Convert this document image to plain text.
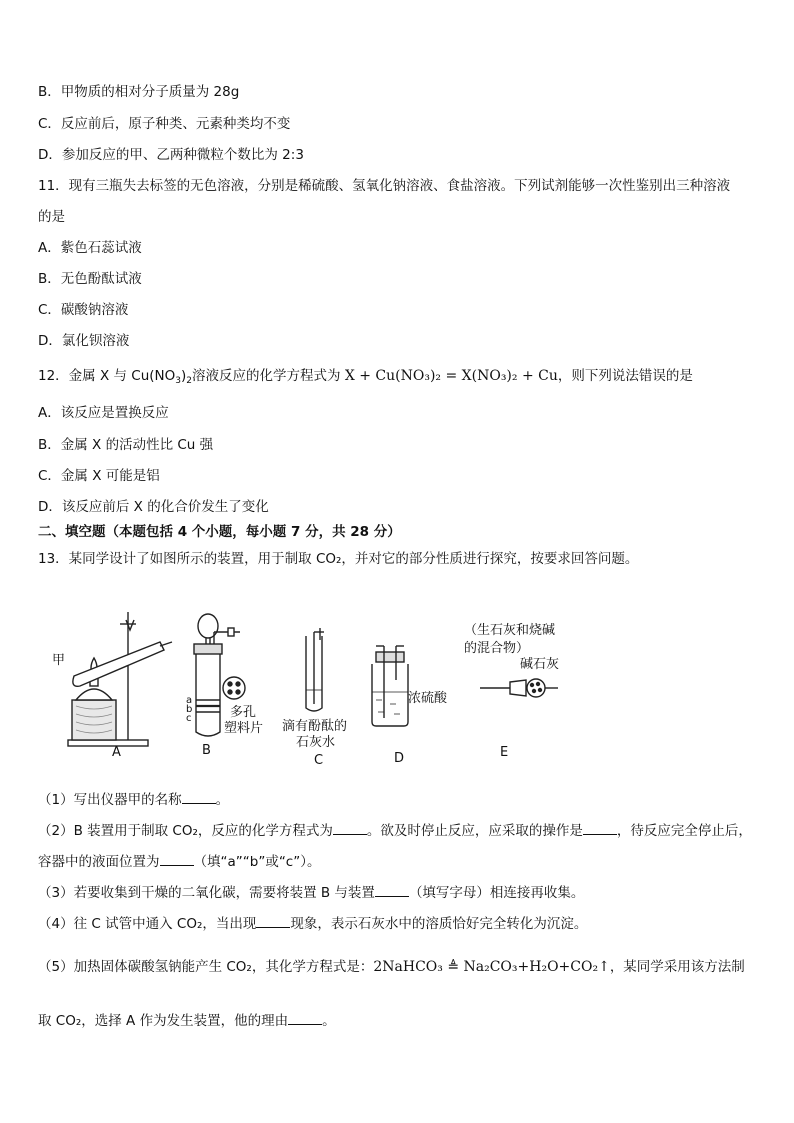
B．甲物质的相对分子质量为 28g
C．反应前后，原子种类、元素种类均不变
D．参加反应的甲、乙两种微粒个数比为 2:3
11．现有三瓶失去标签的无色溶液，分别是稀硫酸、氢氧化钠溶液、食盐溶液。下列试剂能够一次性鉴别出三种溶液
的是
A．紫色石蕊试液
B．无色酚酞试液
C．碳酸钠溶液
D．氯化钡溶液
12．金属 X 与 $Cu(NO_3)_2$溶液反应的化学方程式为 X + Cu(NO₃)₂ = X(NO₃)₂ + Cu，则下列说法错误的是
A．该反应是置换反应
B．金属 X 的活动性比 Cu 强
C．金属 X 可能是铝
D．该反应前后 X 的化合价发生了变化
二、填空题（本题包括 4 个小题，每小题 7 分，共 28 分）
13．某同学设计了如图所示的装置，用于制取 CO₂，并对它的部分性质进行探究，按要求回答问题。
甲
A
a
b
c	多孔
塑料片
B
滴有酚酞的
石灰水
C
浓硫酸
D
（生石灰和烧碱
的混合物）
碱石灰
E
（1）写出仪器甲的名称	。
（2）B 装置用于制取 CO₂，反应的化学方程式为	。欲及时停止反应，应采取的操作是	，待反应完全停止后，
容器中的液面位置为	（填“a”“b”或“c”）。
（3）若要收集到干燥的二氧化碳，需要将装置 B 与装置	（填写字母）相连接再收集。
（4）往 C 试管中通入 CO₂，当出现	现象，表示石灰水中的溶质恰好完全转化为沉淀。
（5）加热固体碳酸氢钠能产生 CO₂，其化学方程式是：2NaHCO₃ ≜ Na₂CO₃+H₂O+CO₂↑，某同学采用该方法制
取 CO₂，选择 A 作为发生装置，他的理由	。
